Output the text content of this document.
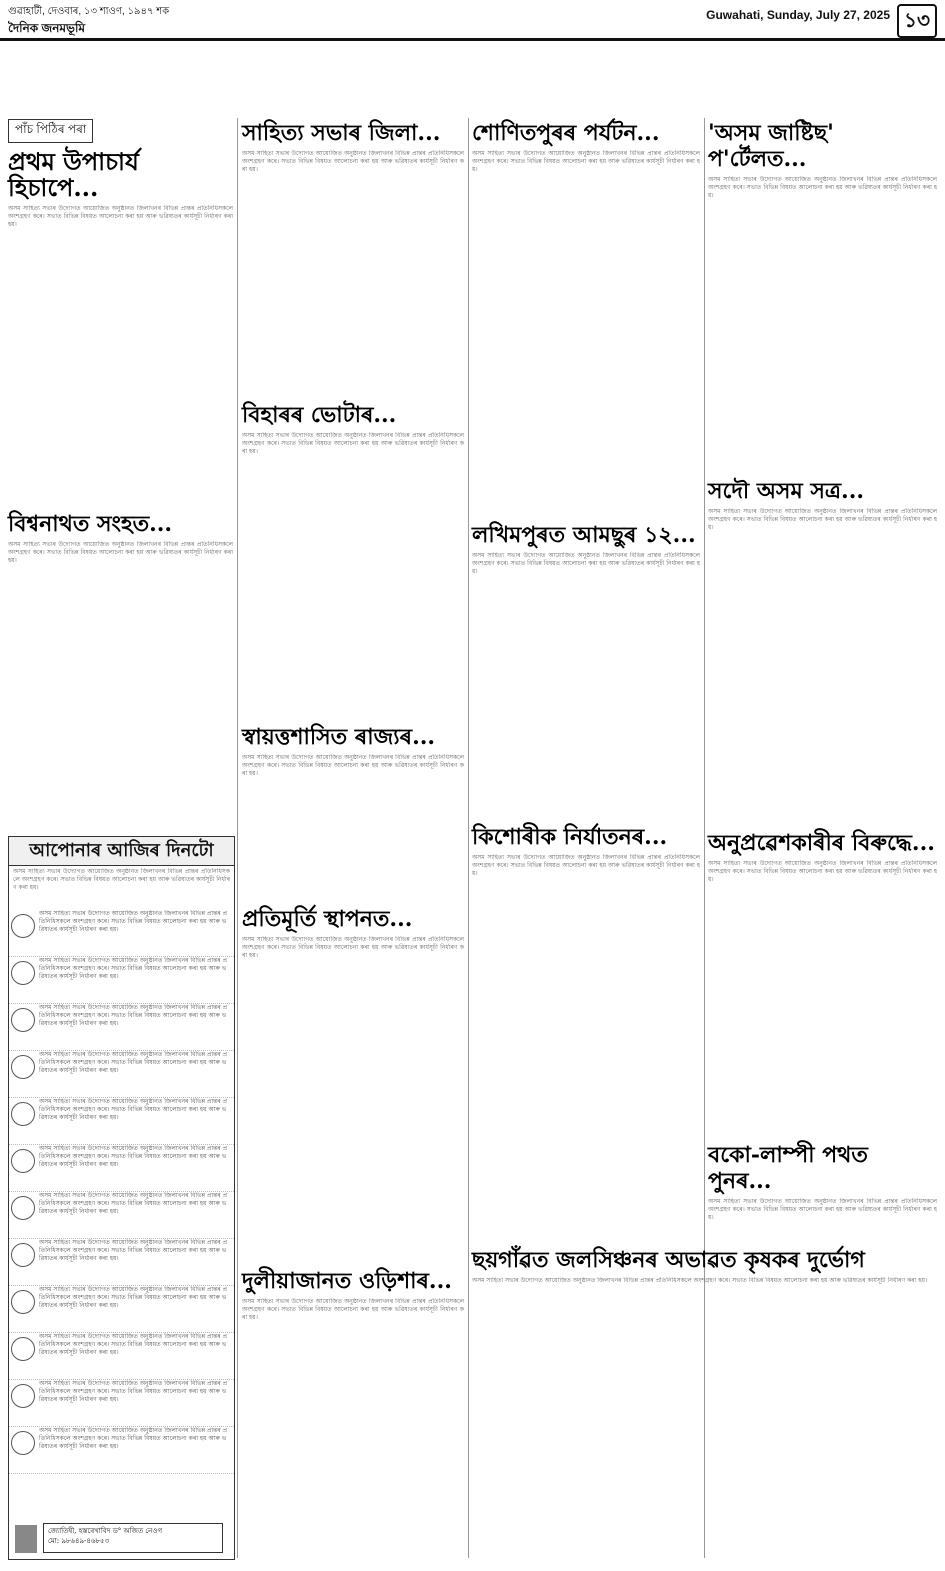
গুৱাহাটী, দেওবাৰ, ১৩ শাওণ, ১৯৪৭ শক
দৈনিক জনমভূমি
Guwahati, Sunday, July 27, 2025 ১৩
পাঁচ পিঠিৰ পৰা
প্ৰথম উপাচাৰ্য হিচাপে...
অসম সাহিত্য সভাৰ উদ্যোগত আয়োজিত অনুষ্ঠানত জিলাখনৰ বিভিন্ন প্ৰান্তৰ প্ৰতিনিধিসকলে অংশগ্ৰহণ কৰে। সভাত বিভিন্ন বিষয়ত আলোচনা কৰা হয় আৰু ভৱিষ্যতৰ কাৰ্যসূচী নিৰ্ধাৰণ কৰা হয়।
বিশ্বনাথত সংহত...
অসম সাহিত্য সভাৰ উদ্যোগত আয়োজিত অনুষ্ঠানত জিলাখনৰ বিভিন্ন প্ৰান্তৰ প্ৰতিনিধিসকলে অংশগ্ৰহণ কৰে। সভাত বিভিন্ন বিষয়ত আলোচনা কৰা হয় আৰু ভৱিষ্যতৰ কাৰ্যসূচী নিৰ্ধাৰণ কৰা হয়।
আপোনাৰ আজিৰ দিনটো
অসম সাহিত্য সভাৰ উদ্যোগত আয়োজিত অনুষ্ঠানত জিলাখনৰ বিভিন্ন প্ৰান্তৰ প্ৰতিনিধিসকলে অংশগ্ৰহণ কৰে। সভাত বিভিন্ন বিষয়ত আলোচনা কৰা হয় আৰু ভৱিষ্যতৰ কাৰ্যসূচী নিৰ্ধাৰণ কৰা হয়।
অসম সাহিত্য সভাৰ উদ্যোগত আয়োজিত অনুষ্ঠানত জিলাখনৰ বিভিন্ন প্ৰান্তৰ প্ৰতিনিধিসকলে অংশগ্ৰহণ কৰে। সভাত বিভিন্ন বিষয়ত আলোচনা কৰা হয় আৰু ভৱিষ্যতৰ কাৰ্যসূচী নিৰ্ধাৰণ কৰা হয়।
অসম সাহিত্য সভাৰ উদ্যোগত আয়োজিত অনুষ্ঠানত জিলাখনৰ বিভিন্ন প্ৰান্তৰ প্ৰতিনিধিসকলে অংশগ্ৰহণ কৰে। সভাত বিভিন্ন বিষয়ত আলোচনা কৰা হয় আৰু ভৱিষ্যতৰ কাৰ্যসূচী নিৰ্ধাৰণ কৰা হয়।
অসম সাহিত্য সভাৰ উদ্যোগত আয়োজিত অনুষ্ঠানত জিলাখনৰ বিভিন্ন প্ৰান্তৰ প্ৰতিনিধিসকলে অংশগ্ৰহণ কৰে। সভাত বিভিন্ন বিষয়ত আলোচনা কৰা হয় আৰু ভৱিষ্যতৰ কাৰ্যসূচী নিৰ্ধাৰণ কৰা হয়।
অসম সাহিত্য সভাৰ উদ্যোগত আয়োজিত অনুষ্ঠানত জিলাখনৰ বিভিন্ন প্ৰান্তৰ প্ৰতিনিধিসকলে অংশগ্ৰহণ কৰে। সভাত বিভিন্ন বিষয়ত আলোচনা কৰা হয় আৰু ভৱিষ্যতৰ কাৰ্যসূচী নিৰ্ধাৰণ কৰা হয়।
অসম সাহিত্য সভাৰ উদ্যোগত আয়োজিত অনুষ্ঠানত জিলাখনৰ বিভিন্ন প্ৰান্তৰ প্ৰতিনিধিসকলে অংশগ্ৰহণ কৰে। সভাত বিভিন্ন বিষয়ত আলোচনা কৰা হয় আৰু ভৱিষ্যতৰ কাৰ্যসূচী নিৰ্ধাৰণ কৰা হয়।
অসম সাহিত্য সভাৰ উদ্যোগত আয়োজিত অনুষ্ঠানত জিলাখনৰ বিভিন্ন প্ৰান্তৰ প্ৰতিনিধিসকলে অংশগ্ৰহণ কৰে। সভাত বিভিন্ন বিষয়ত আলোচনা কৰা হয় আৰু ভৱিষ্যতৰ কাৰ্যসূচী নিৰ্ধাৰণ কৰা হয়।
অসম সাহিত্য সভাৰ উদ্যোগত আয়োজিত অনুষ্ঠানত জিলাখনৰ বিভিন্ন প্ৰান্তৰ প্ৰতিনিধিসকলে অংশগ্ৰহণ কৰে। সভাত বিভিন্ন বিষয়ত আলোচনা কৰা হয় আৰু ভৱিষ্যতৰ কাৰ্যসূচী নিৰ্ধাৰণ কৰা হয়।
অসম সাহিত্য সভাৰ উদ্যোগত আয়োজিত অনুষ্ঠানত জিলাখনৰ বিভিন্ন প্ৰান্তৰ প্ৰতিনিধিসকলে অংশগ্ৰহণ কৰে। সভাত বিভিন্ন বিষয়ত আলোচনা কৰা হয় আৰু ভৱিষ্যতৰ কাৰ্যসূচী নিৰ্ধাৰণ কৰা হয়।
অসম সাহিত্য সভাৰ উদ্যোগত আয়োজিত অনুষ্ঠানত জিলাখনৰ বিভিন্ন প্ৰান্তৰ প্ৰতিনিধিসকলে অংশগ্ৰহণ কৰে। সভাত বিভিন্ন বিষয়ত আলোচনা কৰা হয় আৰু ভৱিষ্যতৰ কাৰ্যসূচী নিৰ্ধাৰণ কৰা হয়।
অসম সাহিত্য সভাৰ উদ্যোগত আয়োজিত অনুষ্ঠানত জিলাখনৰ বিভিন্ন প্ৰান্তৰ প্ৰতিনিধিসকলে অংশগ্ৰহণ কৰে। সভাত বিভিন্ন বিষয়ত আলোচনা কৰা হয় আৰু ভৱিষ্যতৰ কাৰ্যসূচী নিৰ্ধাৰণ কৰা হয়।
অসম সাহিত্য সভাৰ উদ্যোগত আয়োজিত অনুষ্ঠানত জিলাখনৰ বিভিন্ন প্ৰান্তৰ প্ৰতিনিধিসকলে অংশগ্ৰহণ কৰে। সভাত বিভিন্ন বিষয়ত আলোচনা কৰা হয় আৰু ভৱিষ্যতৰ কাৰ্যসূচী নিৰ্ধাৰণ কৰা হয়।
অসম সাহিত্য সভাৰ উদ্যোগত আয়োজিত অনুষ্ঠানত জিলাখনৰ বিভিন্ন প্ৰান্তৰ প্ৰতিনিধিসকলে অংশগ্ৰহণ কৰে। সভাত বিভিন্ন বিষয়ত আলোচনা কৰা হয় আৰু ভৱিষ্যতৰ কাৰ্যসূচী নিৰ্ধাৰণ কৰা হয়।
জ্যোতিষী, হস্তৰেখাবিদ ড° অজিত নেওগ
মো: ৯৮৬৪৯-৪৬৮৫৩
সাহিত্য সভাৰ জিলা...
অসম সাহিত্য সভাৰ উদ্যোগত আয়োজিত অনুষ্ঠানত জিলাখনৰ বিভিন্ন প্ৰান্তৰ প্ৰতিনিধিসকলে অংশগ্ৰহণ কৰে। সভাত বিভিন্ন বিষয়ত আলোচনা কৰা হয় আৰু ভৱিষ্যতৰ কাৰ্যসূচী নিৰ্ধাৰণ কৰা হয়।
বিহাৰৰ ভোটাৰ...
অসম সাহিত্য সভাৰ উদ্যোগত আয়োজিত অনুষ্ঠানত জিলাখনৰ বিভিন্ন প্ৰান্তৰ প্ৰতিনিধিসকলে অংশগ্ৰহণ কৰে। সভাত বিভিন্ন বিষয়ত আলোচনা কৰা হয় আৰু ভৱিষ্যতৰ কাৰ্যসূচী নিৰ্ধাৰণ কৰা হয়।
স্বায়ত্তশাসিত ৰাজ্যৰ...
অসম সাহিত্য সভাৰ উদ্যোগত আয়োজিত অনুষ্ঠানত জিলাখনৰ বিভিন্ন প্ৰান্তৰ প্ৰতিনিধিসকলে অংশগ্ৰহণ কৰে। সভাত বিভিন্ন বিষয়ত আলোচনা কৰা হয় আৰু ভৱিষ্যতৰ কাৰ্যসূচী নিৰ্ধাৰণ কৰা হয়।
প্ৰতিমূৰ্তি স্থাপনত...
অসম সাহিত্য সভাৰ উদ্যোগত আয়োজিত অনুষ্ঠানত জিলাখনৰ বিভিন্ন প্ৰান্তৰ প্ৰতিনিধিসকলে অংশগ্ৰহণ কৰে। সভাত বিভিন্ন বিষয়ত আলোচনা কৰা হয় আৰু ভৱিষ্যতৰ কাৰ্যসূচী নিৰ্ধাৰণ কৰা হয়।
দুলীয়াজানত ওড়িশাৰ...
অসম সাহিত্য সভাৰ উদ্যোগত আয়োজিত অনুষ্ঠানত জিলাখনৰ বিভিন্ন প্ৰান্তৰ প্ৰতিনিধিসকলে অংশগ্ৰহণ কৰে। সভাত বিভিন্ন বিষয়ত আলোচনা কৰা হয় আৰু ভৱিষ্যতৰ কাৰ্যসূচী নিৰ্ধাৰণ কৰা হয়।
শোণিতপুৰৰ পৰ্যটন...
অসম সাহিত্য সভাৰ উদ্যোগত আয়োজিত অনুষ্ঠানত জিলাখনৰ বিভিন্ন প্ৰান্তৰ প্ৰতিনিধিসকলে অংশগ্ৰহণ কৰে। সভাত বিভিন্ন বিষয়ত আলোচনা কৰা হয় আৰু ভৱিষ্যতৰ কাৰ্যসূচী নিৰ্ধাৰণ কৰা হয়।
লখিমপুৰত আমছুৰ ১২...
অসম সাহিত্য সভাৰ উদ্যোগত আয়োজিত অনুষ্ঠানত জিলাখনৰ বিভিন্ন প্ৰান্তৰ প্ৰতিনিধিসকলে অংশগ্ৰহণ কৰে। সভাত বিভিন্ন বিষয়ত আলোচনা কৰা হয় আৰু ভৱিষ্যতৰ কাৰ্যসূচী নিৰ্ধাৰণ কৰা হয়।
কিশোৰীক নিৰ্যাতনৰ...
অসম সাহিত্য সভাৰ উদ্যোগত আয়োজিত অনুষ্ঠানত জিলাখনৰ বিভিন্ন প্ৰান্তৰ প্ৰতিনিধিসকলে অংশগ্ৰহণ কৰে। সভাত বিভিন্ন বিষয়ত আলোচনা কৰা হয় আৰু ভৱিষ্যতৰ কাৰ্যসূচী নিৰ্ধাৰণ কৰা হয়।
'অসম জাষ্টিছ' প'ৰ্টেলত...
অসম সাহিত্য সভাৰ উদ্যোগত আয়োজিত অনুষ্ঠানত জিলাখনৰ বিভিন্ন প্ৰান্তৰ প্ৰতিনিধিসকলে অংশগ্ৰহণ কৰে। সভাত বিভিন্ন বিষয়ত আলোচনা কৰা হয় আৰু ভৱিষ্যতৰ কাৰ্যসূচী নিৰ্ধাৰণ কৰা হয়।
সদৌ অসম সত্ৰ...
অসম সাহিত্য সভাৰ উদ্যোগত আয়োজিত অনুষ্ঠানত জিলাখনৰ বিভিন্ন প্ৰান্তৰ প্ৰতিনিধিসকলে অংশগ্ৰহণ কৰে। সভাত বিভিন্ন বিষয়ত আলোচনা কৰা হয় আৰু ভৱিষ্যতৰ কাৰ্যসূচী নিৰ্ধাৰণ কৰা হয়।
অনুপ্ৰৱেশকাৰীৰ বিৰুদ্ধে...
অসম সাহিত্য সভাৰ উদ্যোগত আয়োজিত অনুষ্ঠানত জিলাখনৰ বিভিন্ন প্ৰান্তৰ প্ৰতিনিধিসকলে অংশগ্ৰহণ কৰে। সভাত বিভিন্ন বিষয়ত আলোচনা কৰা হয় আৰু ভৱিষ্যতৰ কাৰ্যসূচী নিৰ্ধাৰণ কৰা হয়।
বকো-লাম্পী পথত পুনৰ...
অসম সাহিত্য সভাৰ উদ্যোগত আয়োজিত অনুষ্ঠানত জিলাখনৰ বিভিন্ন প্ৰান্তৰ প্ৰতিনিধিসকলে অংশগ্ৰহণ কৰে। সভাত বিভিন্ন বিষয়ত আলোচনা কৰা হয় আৰু ভৱিষ্যতৰ কাৰ্যসূচী নিৰ্ধাৰণ কৰা হয়।
ছয়গাঁৱত জলসিঞ্চনৰ অভাৱত কৃষকৰ দুৰ্ভোগ
অসম সাহিত্য সভাৰ উদ্যোগত আয়োজিত অনুষ্ঠানত জিলাখনৰ বিভিন্ন প্ৰান্তৰ প্ৰতিনিধিসকলে অংশগ্ৰহণ কৰে। সভাত বিভিন্ন বিষয়ত আলোচনা কৰা হয় আৰু ভৱিষ্যতৰ কাৰ্যসূচী নিৰ্ধাৰণ কৰা হয়।
